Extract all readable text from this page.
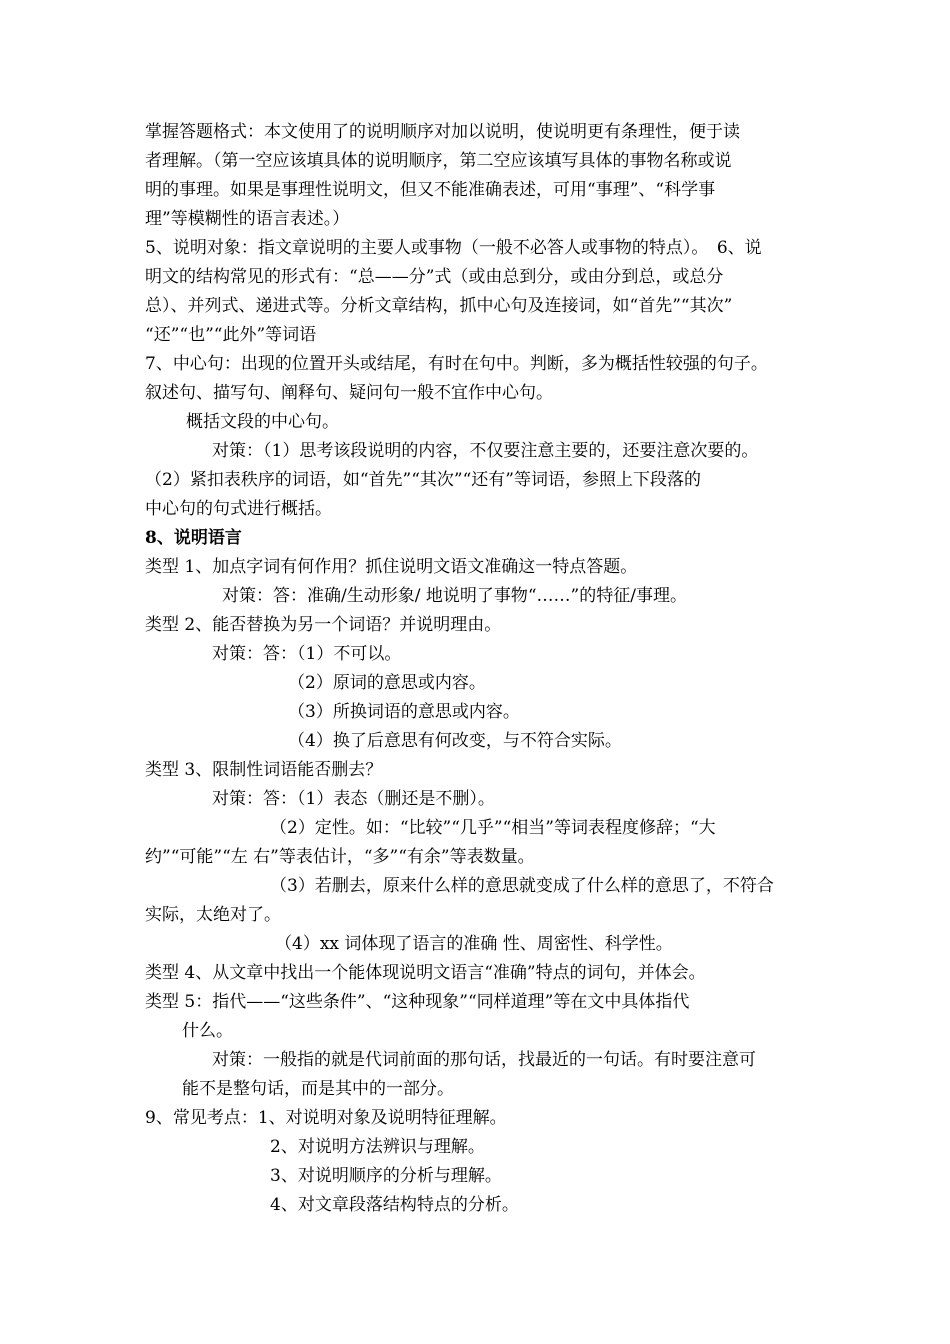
掌握答题格式：本文使用了的说明顺序对加以说明，使说明更有条理性，便于读
者理解。（第一空应该填具体的说明顺序，第二空应该填写具体的事物名称或说
明的事理。如果是事理性说明文，但又不能准确表述，可用“事理”、“科学事
理”等模糊性的语言表述。）
5、说明对象：指文章说明的主要人或事物（一般不必答人或事物的特点）。　6、说
明文的结构常见的形式有：“总——分”式（或由总到分，或由分到总，或总分
总）、并列式、递进式等。分析文章结构，抓中心句及连接词，如“首先”“其次”
“还”“也”“此外”等词语
7、中心句：出现的位置开头或结尾，有时在句中。判断，多为概括性较强的句子。
叙述句、描写句、阐释句、疑问句一般不宜作中心句。
概括文段的中心句。
对策：（1）思考该段说明的内容，不仅要注意主要的，还要注意次要的。
（2）紧扣表秩序的词语，如“首先”“其次”“还有”等词语，参照上下段落的
中心句的句式进行概括。
8、说明语言
类型 1、加点字词有何作用？抓住说明文语文准确这一特点答题。
对策：答：准确/生动形象/ 地说明了事物“……”的特征/事理。
类型 2、能否替换为另一个词语？并说明理由。
对策：答：（1）不可以。
（2）原词的意思或内容。
（3）所换词语的意思或内容。
（4）换了后意思有何改变，与不符合实际。
类型 3、限制性词语能否删去？
对策：答：（1）表态（删还是不删）。
（2）定性。如：“比较”“几乎”“相当”等词表程度修辞；“大
约”“可能”“左 右”等表估计，“多”“有余”等表数量。
（3）若删去，原来什么样的意思就变成了什么样的意思了，不符合
实际，太绝对了。
（4）xx 词体现了语言的准确 性、周密性、科学性。
类型 4、从文章中找出一个能体现说明文语言“准确”特点的词句，并体会。
类型 5：指代——“这些条件”、“这种现象”“同样道理”等在文中具体指代
什么。
对策：一般指的就是代词前面的那句话，找最近的一句话。有时要注意可
能不是整句话，而是其中的一部分。
9、常见考点：1、对说明对象及说明特征理解。
2、对说明方法辨识与理解。
3、对说明顺序的分析与理解。
4、对文章段落结构特点的分析。
